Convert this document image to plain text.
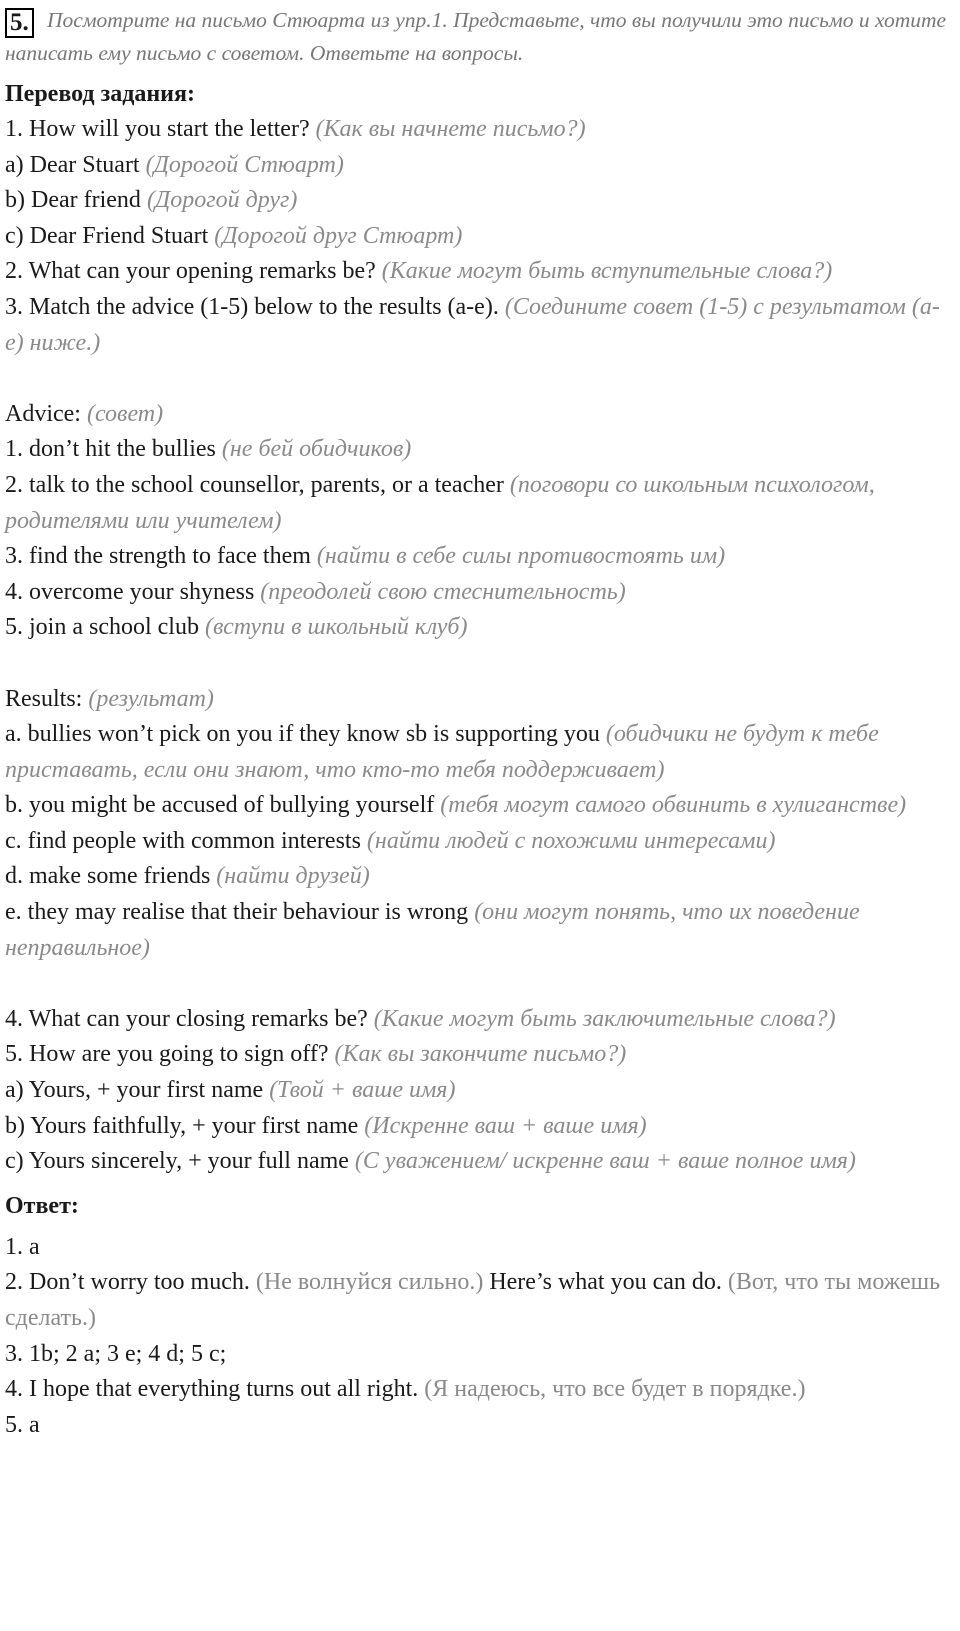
5. Посмотрите на письмо Стюарта из упр.1. Представьте, что вы получили это письмо и хотите написать ему письмо с советом. Ответьте на вопросы.

Перевод задания:

1. How will you start the letter? (Как вы начнете письмо?)

a) Dear Stuart (Дорогой Стюарт)

b) Dear friend (Дорогой друг)

c) Dear Friend Stuart (Дорогой друг Стюарт)

2. What can your opening remarks be? (Какие могут быть вступительные слова?)

3. Match the advice (1-5) below to the results (a-e). (Соедините совет (1-5) с результатом (a-e) ниже.)

Advice: (совет)

1. don’t hit the bullies (не бей обидчиков)

2. talk to the school counsellor, parents, or a teacher (поговори со школьным психологом, родителями или учителем)

3. find the strength to face them (найти в себе силы противостоять им)

4. overcome your shyness (преодолей свою стеснительность)

5. join a school club (вступи в школьный клуб)

Results: (результат)

a. bullies won’t pick on you if they know sb is supporting you (обидчики не будут к тебе приставать, если они знают, что кто-то тебя поддерживает)

b. you might be accused of bullying yourself (тебя могут самого обвинить в хулиганстве)

c. find people with common interests (найти людей с похожими интересами)

d. make some friends (найти друзей)

e. they may realise that their behaviour is wrong (они могут понять, что их поведение неправильное)

4. What can your closing remarks be? (Какие могут быть заключительные слова?)

5. How are you going to sign off? (Как вы закончите письмо?)

a) Yours, + your first name (Твой + ваше имя)

b) Yours faithfully, + your first name (Искренне ваш + ваше имя)

c) Yours sincerely, + your full name (С уважением/ искренне ваш + ваше полное имя)

Ответ:

1. a

2. Don’t worry too much. (Не волнуйся сильно.) Here’s what you can do. (Вот, что ты можешь сделать.)

3. 1b; 2 a; 3 e; 4 d; 5 c;

4. I hope that everything turns out all right. (Я надеюсь, что все будет в порядке.)

5. a
